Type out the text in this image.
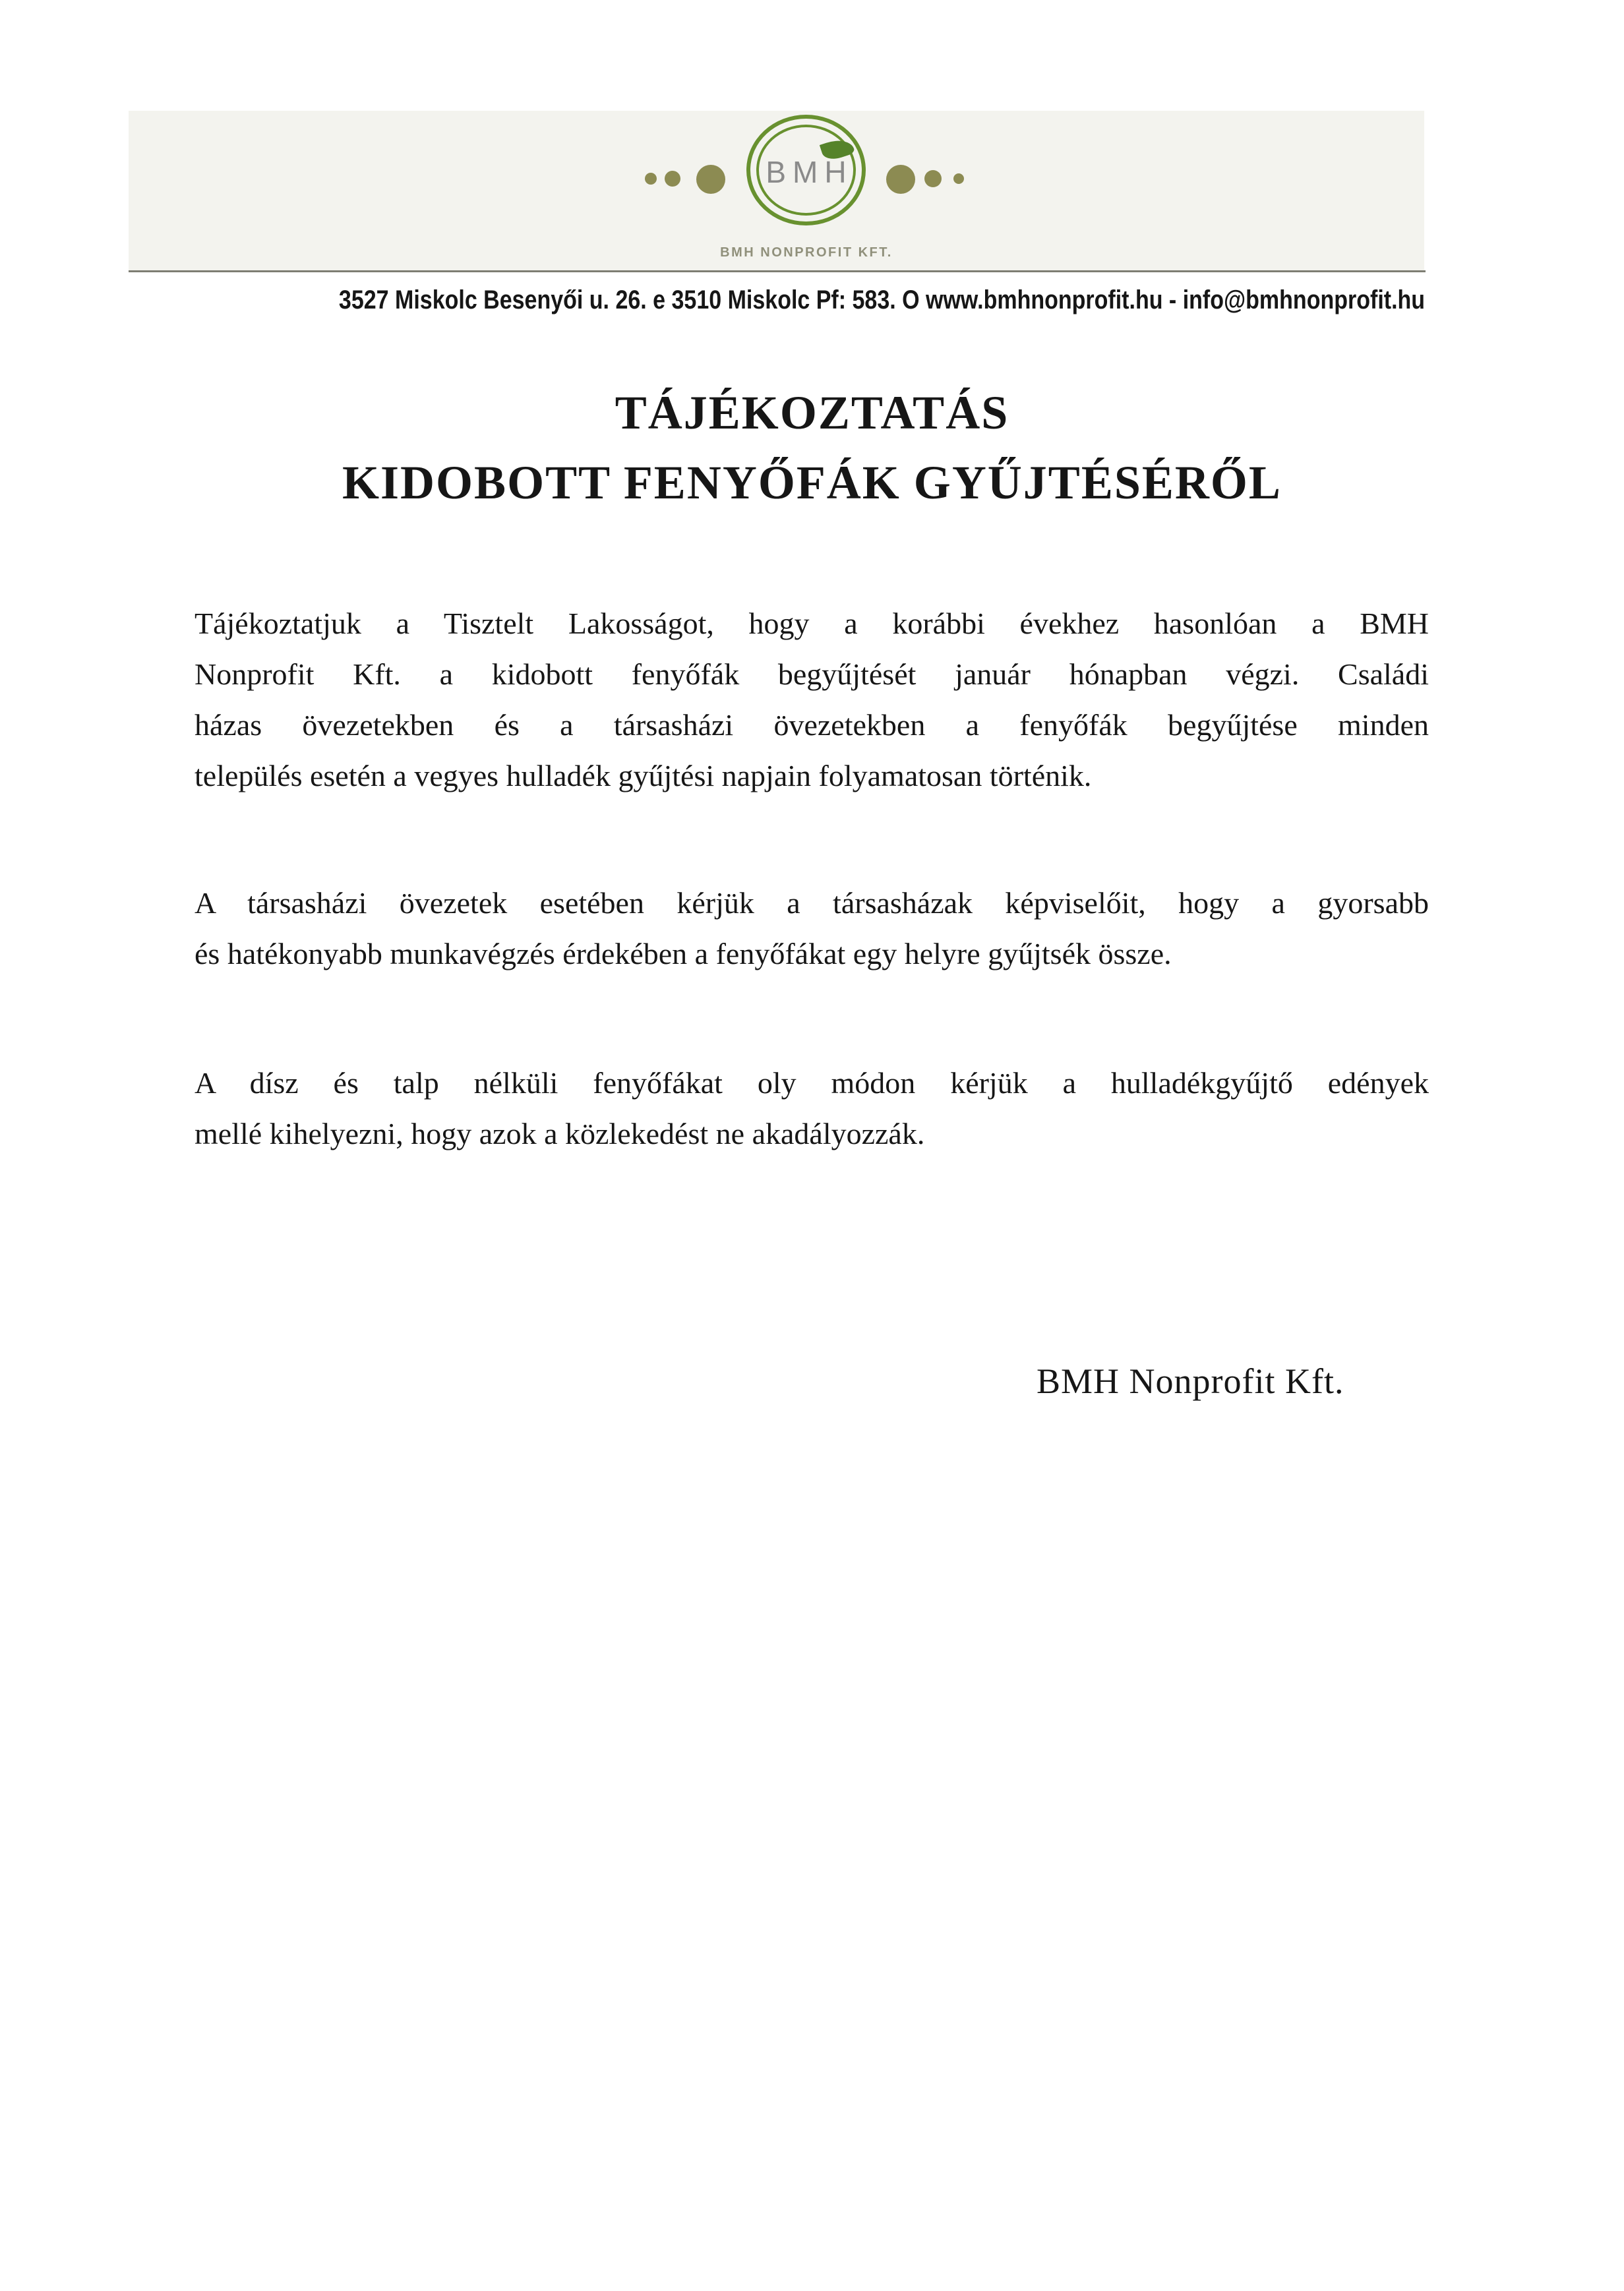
BMH
BMH NONPROFIT KFT.
3527 Miskolc Besenyői u. 26. e 3510 Miskolc Pf: 583. O www.bmhnonprofit.hu - info@bmhnonprofit.hu
TÁJÉKOZTATÁS
KIDOBOTT FENYŐFÁK GYŰJTÉSÉRŐL
Tájékoztatjuk a Tisztelt Lakosságot, hogy a korábbi évekhez hasonlóan a BMH
Nonprofit Kft. a kidobott fenyőfák begyűjtését január hónapban végzi. Családi
házas övezetekben és a társasházi övezetekben a fenyőfák begyűjtése minden
település esetén a vegyes hulladék gyűjtési napjain folyamatosan történik.
A társasházi övezetek esetében kérjük a társasházak képviselőit, hogy a gyorsabb
és hatékonyabb munkavégzés érdekében a fenyőfákat egy helyre gyűjtsék össze.
A dísz és talp nélküli fenyőfákat oly módon kérjük a hulladékgyűjtő edények
mellé kihelyezni, hogy azok a közlekedést ne akadályozzák.
BMH Nonprofit Kft.
